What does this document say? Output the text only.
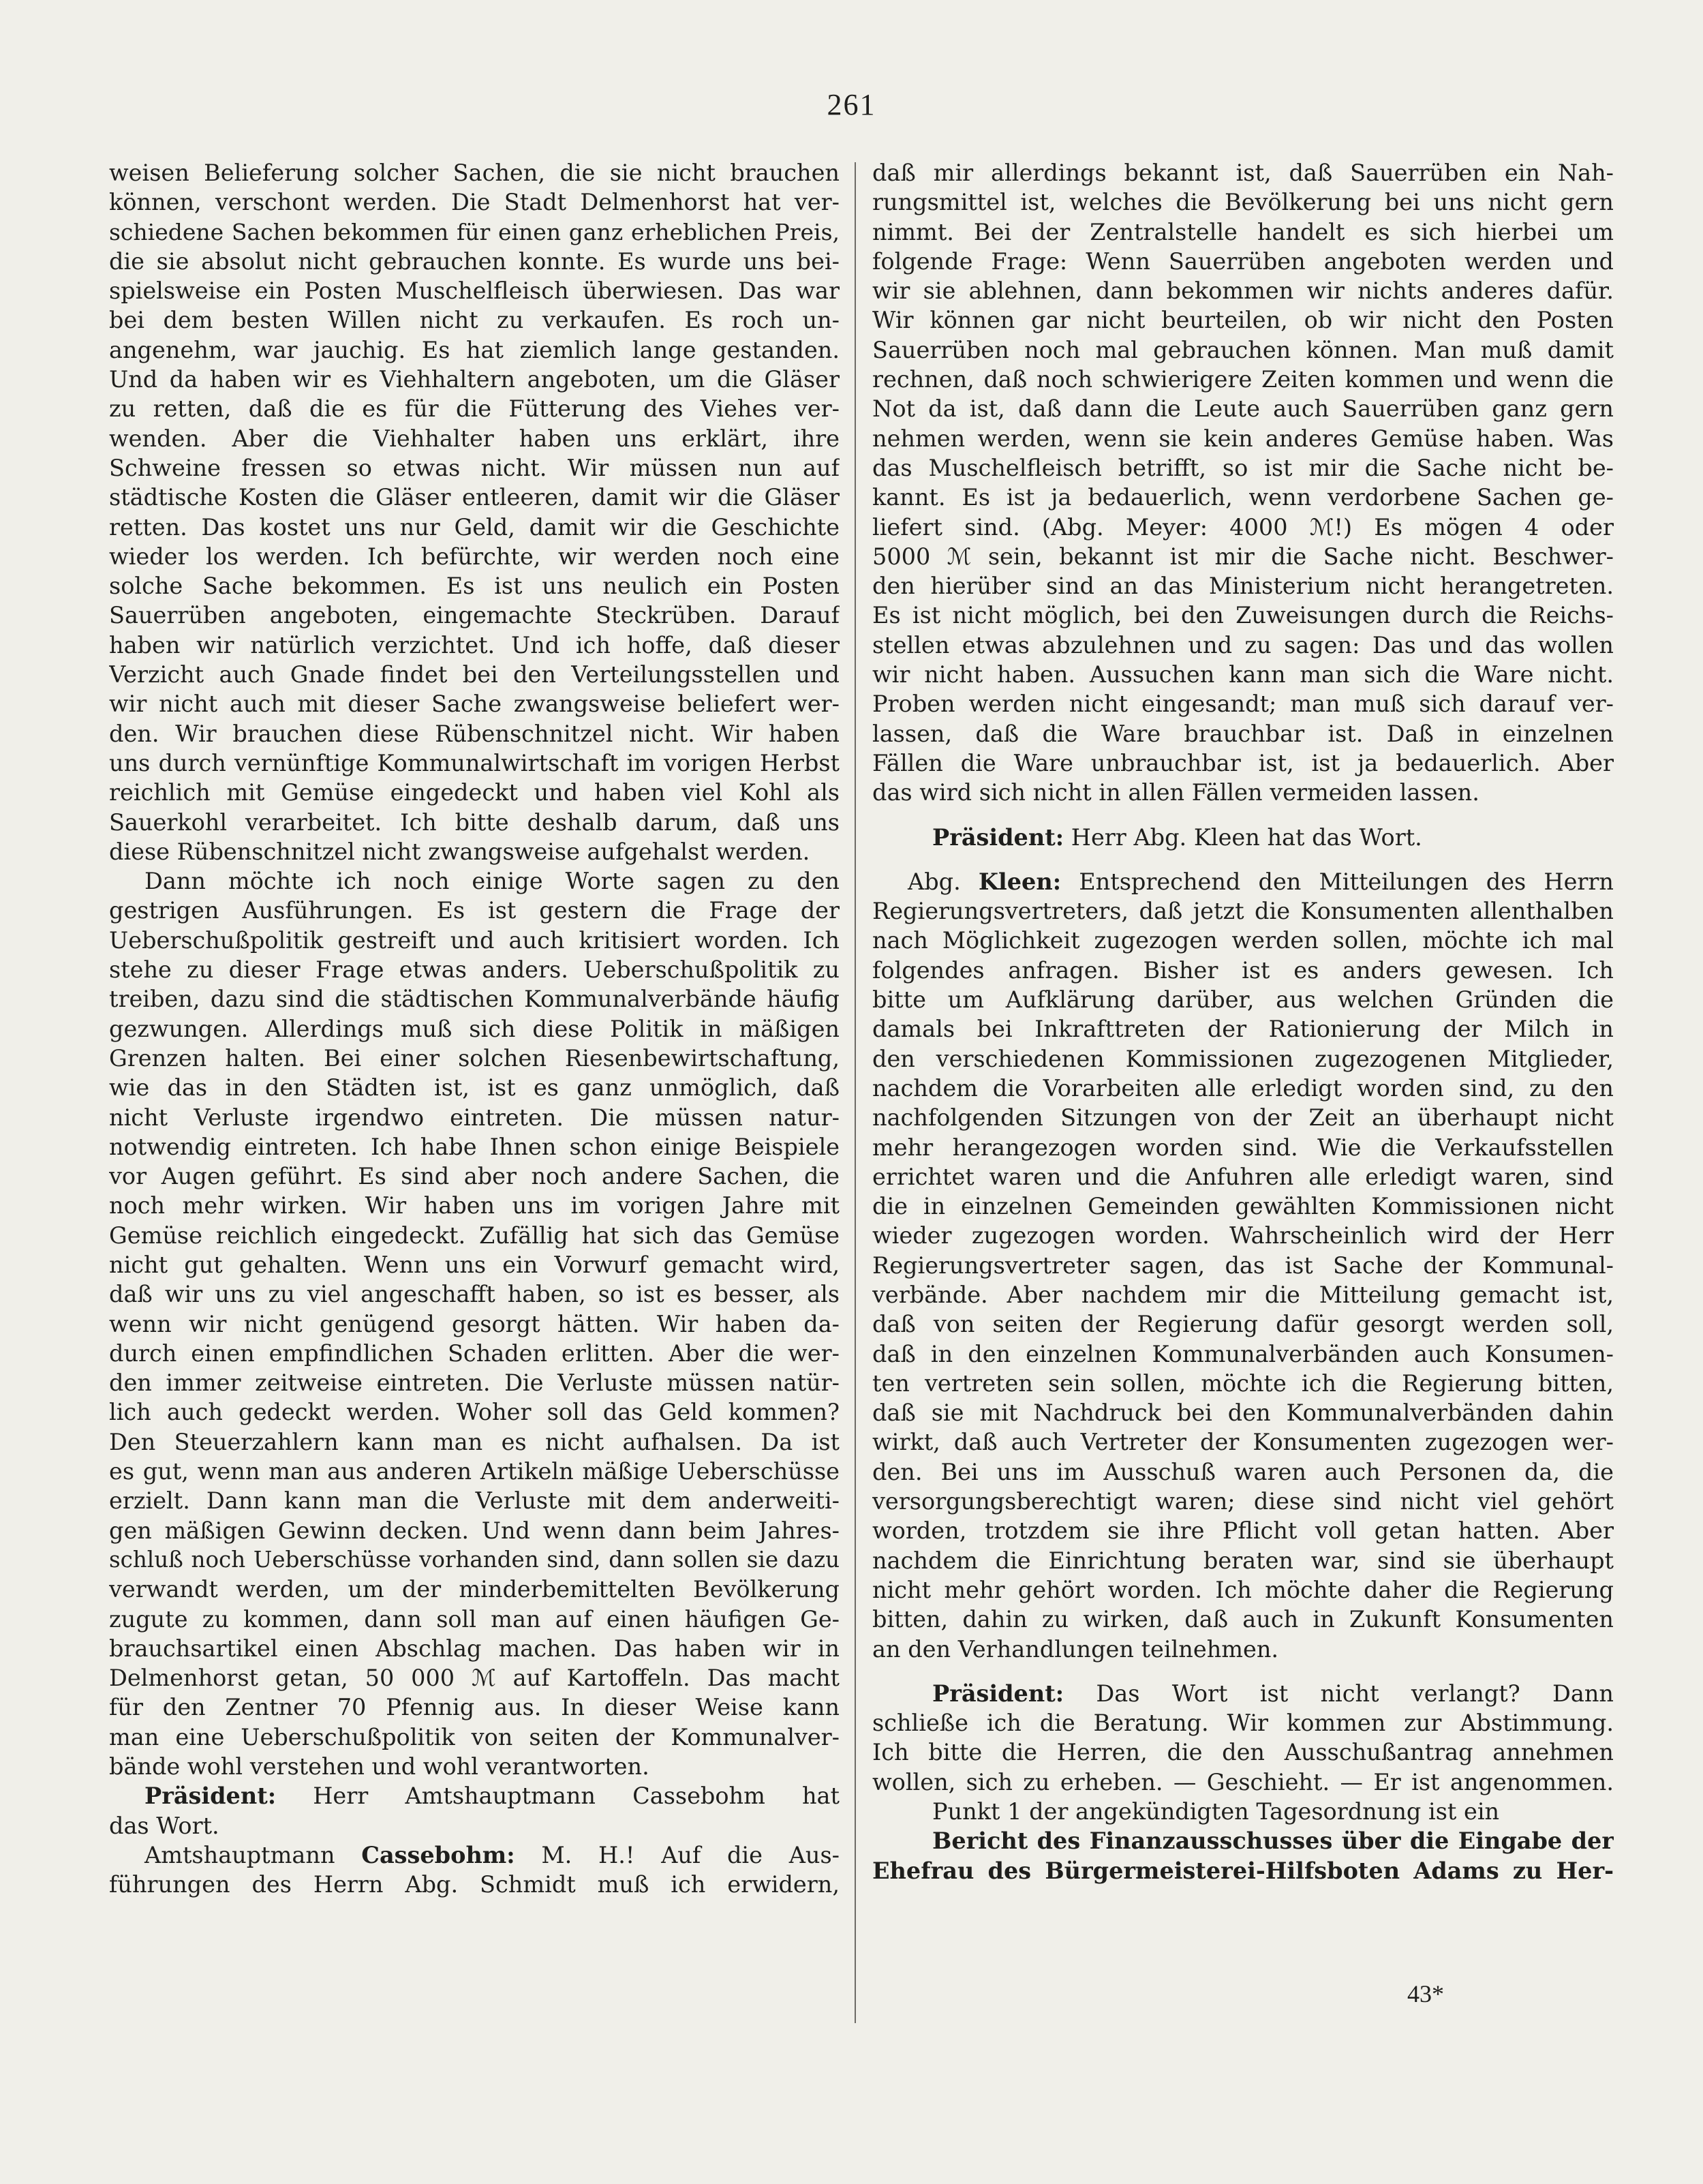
261
weisen Belieferung solcher Sachen, die sie nicht brauchen
können, verschont werden. Die Stadt Delmenhorst hat ver-
schiedene Sachen bekommen für einen ganz erheblichen Preis,
die sie absolut nicht gebrauchen konnte. Es wurde uns bei-
spielsweise ein Posten Muschelfleisch überwiesen. Das war
bei dem besten Willen nicht zu verkaufen. Es roch un-
angenehm, war jauchig. Es hat ziemlich lange gestanden.
Und da haben wir es Viehhaltern angeboten, um die Gläser
zu retten, daß die es für die Fütterung des Viehes ver-
wenden. Aber die Viehhalter haben uns erklärt, ihre
Schweine fressen so etwas nicht. Wir müssen nun auf
städtische Kosten die Gläser entleeren, damit wir die Gläser
retten. Das kostet uns nur Geld, damit wir die Geschichte
wieder los werden. Ich befürchte, wir werden noch eine
solche Sache bekommen. Es ist uns neulich ein Posten
Sauerrüben angeboten, eingemachte Steckrüben. Darauf
haben wir natürlich verzichtet. Und ich hoffe, daß dieser
Verzicht auch Gnade findet bei den Verteilungsstellen und
wir nicht auch mit dieser Sache zwangsweise beliefert wer-
den. Wir brauchen diese Rübenschnitzel nicht. Wir haben
uns durch vernünftige Kommunalwirtschaft im vorigen Herbst
reichlich mit Gemüse eingedeckt und haben viel Kohl als
Sauerkohl verarbeitet. Ich bitte deshalb darum, daß uns
diese Rübenschnitzel nicht zwangsweise aufgehalst werden.
Dann möchte ich noch einige Worte sagen zu den
gestrigen Ausführungen. Es ist gestern die Frage der
Ueberschußpolitik gestreift und auch kritisiert worden. Ich
stehe zu dieser Frage etwas anders. Ueberschußpolitik zu
treiben, dazu sind die städtischen Kommunalverbände häufig
gezwungen. Allerdings muß sich diese Politik in mäßigen
Grenzen halten. Bei einer solchen Riesenbewirtschaftung,
wie das in den Städten ist, ist es ganz unmöglich, daß
nicht Verluste irgendwo eintreten. Die müssen natur-
notwendig eintreten. Ich habe Ihnen schon einige Beispiele
vor Augen geführt. Es sind aber noch andere Sachen, die
noch mehr wirken. Wir haben uns im vorigen Jahre mit
Gemüse reichlich eingedeckt. Zufällig hat sich das Gemüse
nicht gut gehalten. Wenn uns ein Vorwurf gemacht wird,
daß wir uns zu viel angeschafft haben, so ist es besser, als
wenn wir nicht genügend gesorgt hätten. Wir haben da-
durch einen empfindlichen Schaden erlitten. Aber die wer-
den immer zeitweise eintreten. Die Verluste müssen natür-
lich auch gedeckt werden. Woher soll das Geld kommen?
Den Steuerzahlern kann man es nicht aufhalsen. Da ist
es gut, wenn man aus anderen Artikeln mäßige Ueberschüsse
erzielt. Dann kann man die Verluste mit dem anderweiti-
gen mäßigen Gewinn decken. Und wenn dann beim Jahres-
schluß noch Ueberschüsse vorhanden sind, dann sollen sie dazu
verwandt werden, um der minderbemittelten Bevölkerung
zugute zu kommen, dann soll man auf einen häufigen Ge-
brauchsartikel einen Abschlag machen. Das haben wir in
Delmenhorst getan, 50 000 ℳ auf Kartoffeln. Das macht
für den Zentner 70 Pfennig aus. In dieser Weise kann
man eine Ueberschußpolitik von seiten der Kommunalver-
bände wohl verstehen und wohl verantworten.
Präsident: Herr Amtshauptmann Cassebohm hat
das Wort.
Amtshauptmann Cassebohm: M. H.! Auf die Aus-
führungen des Herrn Abg. Schmidt muß ich erwidern,
daß mir allerdings bekannt ist, daß Sauerrüben ein Nah-
rungsmittel ist, welches die Bevölkerung bei uns nicht gern
nimmt. Bei der Zentralstelle handelt es sich hierbei um
folgende Frage: Wenn Sauerrüben angeboten werden und
wir sie ablehnen, dann bekommen wir nichts anderes dafür.
Wir können gar nicht beurteilen, ob wir nicht den Posten
Sauerrüben noch mal gebrauchen können. Man muß damit
rechnen, daß noch schwierigere Zeiten kommen und wenn die
Not da ist, daß dann die Leute auch Sauerrüben ganz gern
nehmen werden, wenn sie kein anderes Gemüse haben. Was
das Muschelfleisch betrifft, so ist mir die Sache nicht be-
kannt. Es ist ja bedauerlich, wenn verdorbene Sachen ge-
liefert sind. (Abg. Meyer: 4000 ℳ!) Es mögen 4 oder
5000 ℳ sein, bekannt ist mir die Sache nicht. Beschwer-
den hierüber sind an das Ministerium nicht herangetreten.
Es ist nicht möglich, bei den Zuweisungen durch die Reichs-
stellen etwas abzulehnen und zu sagen: Das und das wollen
wir nicht haben. Aussuchen kann man sich die Ware nicht.
Proben werden nicht eingesandt; man muß sich darauf ver-
lassen, daß die Ware brauchbar ist. Daß in einzelnen
Fällen die Ware unbrauchbar ist, ist ja bedauerlich. Aber
das wird sich nicht in allen Fällen vermeiden lassen.
Präsident: Herr Abg. Kleen hat das Wort.
Abg. Kleen: Entsprechend den Mitteilungen des Herrn
Regierungsvertreters, daß jetzt die Konsumenten allenthalben
nach Möglichkeit zugezogen werden sollen, möchte ich mal
folgendes anfragen. Bisher ist es anders gewesen. Ich
bitte um Aufklärung darüber, aus welchen Gründen die
damals bei Inkrafttreten der Rationierung der Milch in
den verschiedenen Kommissionen zugezogenen Mitglieder,
nachdem die Vorarbeiten alle erledigt worden sind, zu den
nachfolgenden Sitzungen von der Zeit an überhaupt nicht
mehr herangezogen worden sind. Wie die Verkaufsstellen
errichtet waren und die Anfuhren alle erledigt waren, sind
die in einzelnen Gemeinden gewählten Kommissionen nicht
wieder zugezogen worden. Wahrscheinlich wird der Herr
Regierungsvertreter sagen, das ist Sache der Kommunal-
verbände. Aber nachdem mir die Mitteilung gemacht ist,
daß von seiten der Regierung dafür gesorgt werden soll,
daß in den einzelnen Kommunalverbänden auch Konsumen-
ten vertreten sein sollen, möchte ich die Regierung bitten,
daß sie mit Nachdruck bei den Kommunalverbänden dahin
wirkt, daß auch Vertreter der Konsumenten zugezogen wer-
den. Bei uns im Ausschuß waren auch Personen da, die
versorgungsberechtigt waren; diese sind nicht viel gehört
worden, trotzdem sie ihre Pflicht voll getan hatten. Aber
nachdem die Einrichtung beraten war, sind sie überhaupt
nicht mehr gehört worden. Ich möchte daher die Regierung
bitten, dahin zu wirken, daß auch in Zukunft Konsumenten
an den Verhandlungen teilnehmen.
Präsident: Das Wort ist nicht verlangt? Dann
schließe ich die Beratung. Wir kommen zur Abstimmung.
Ich bitte die Herren, die den Ausschußantrag annehmen
wollen, sich zu erheben. — Geschieht. — Er ist angenommen.
Punkt 1 der angekündigten Tagesordnung ist ein
Bericht des Finanzausschusses über die Eingabe der
Ehefrau des Bürgermeisterei-Hilfsboten Adams zu Her-
43*
